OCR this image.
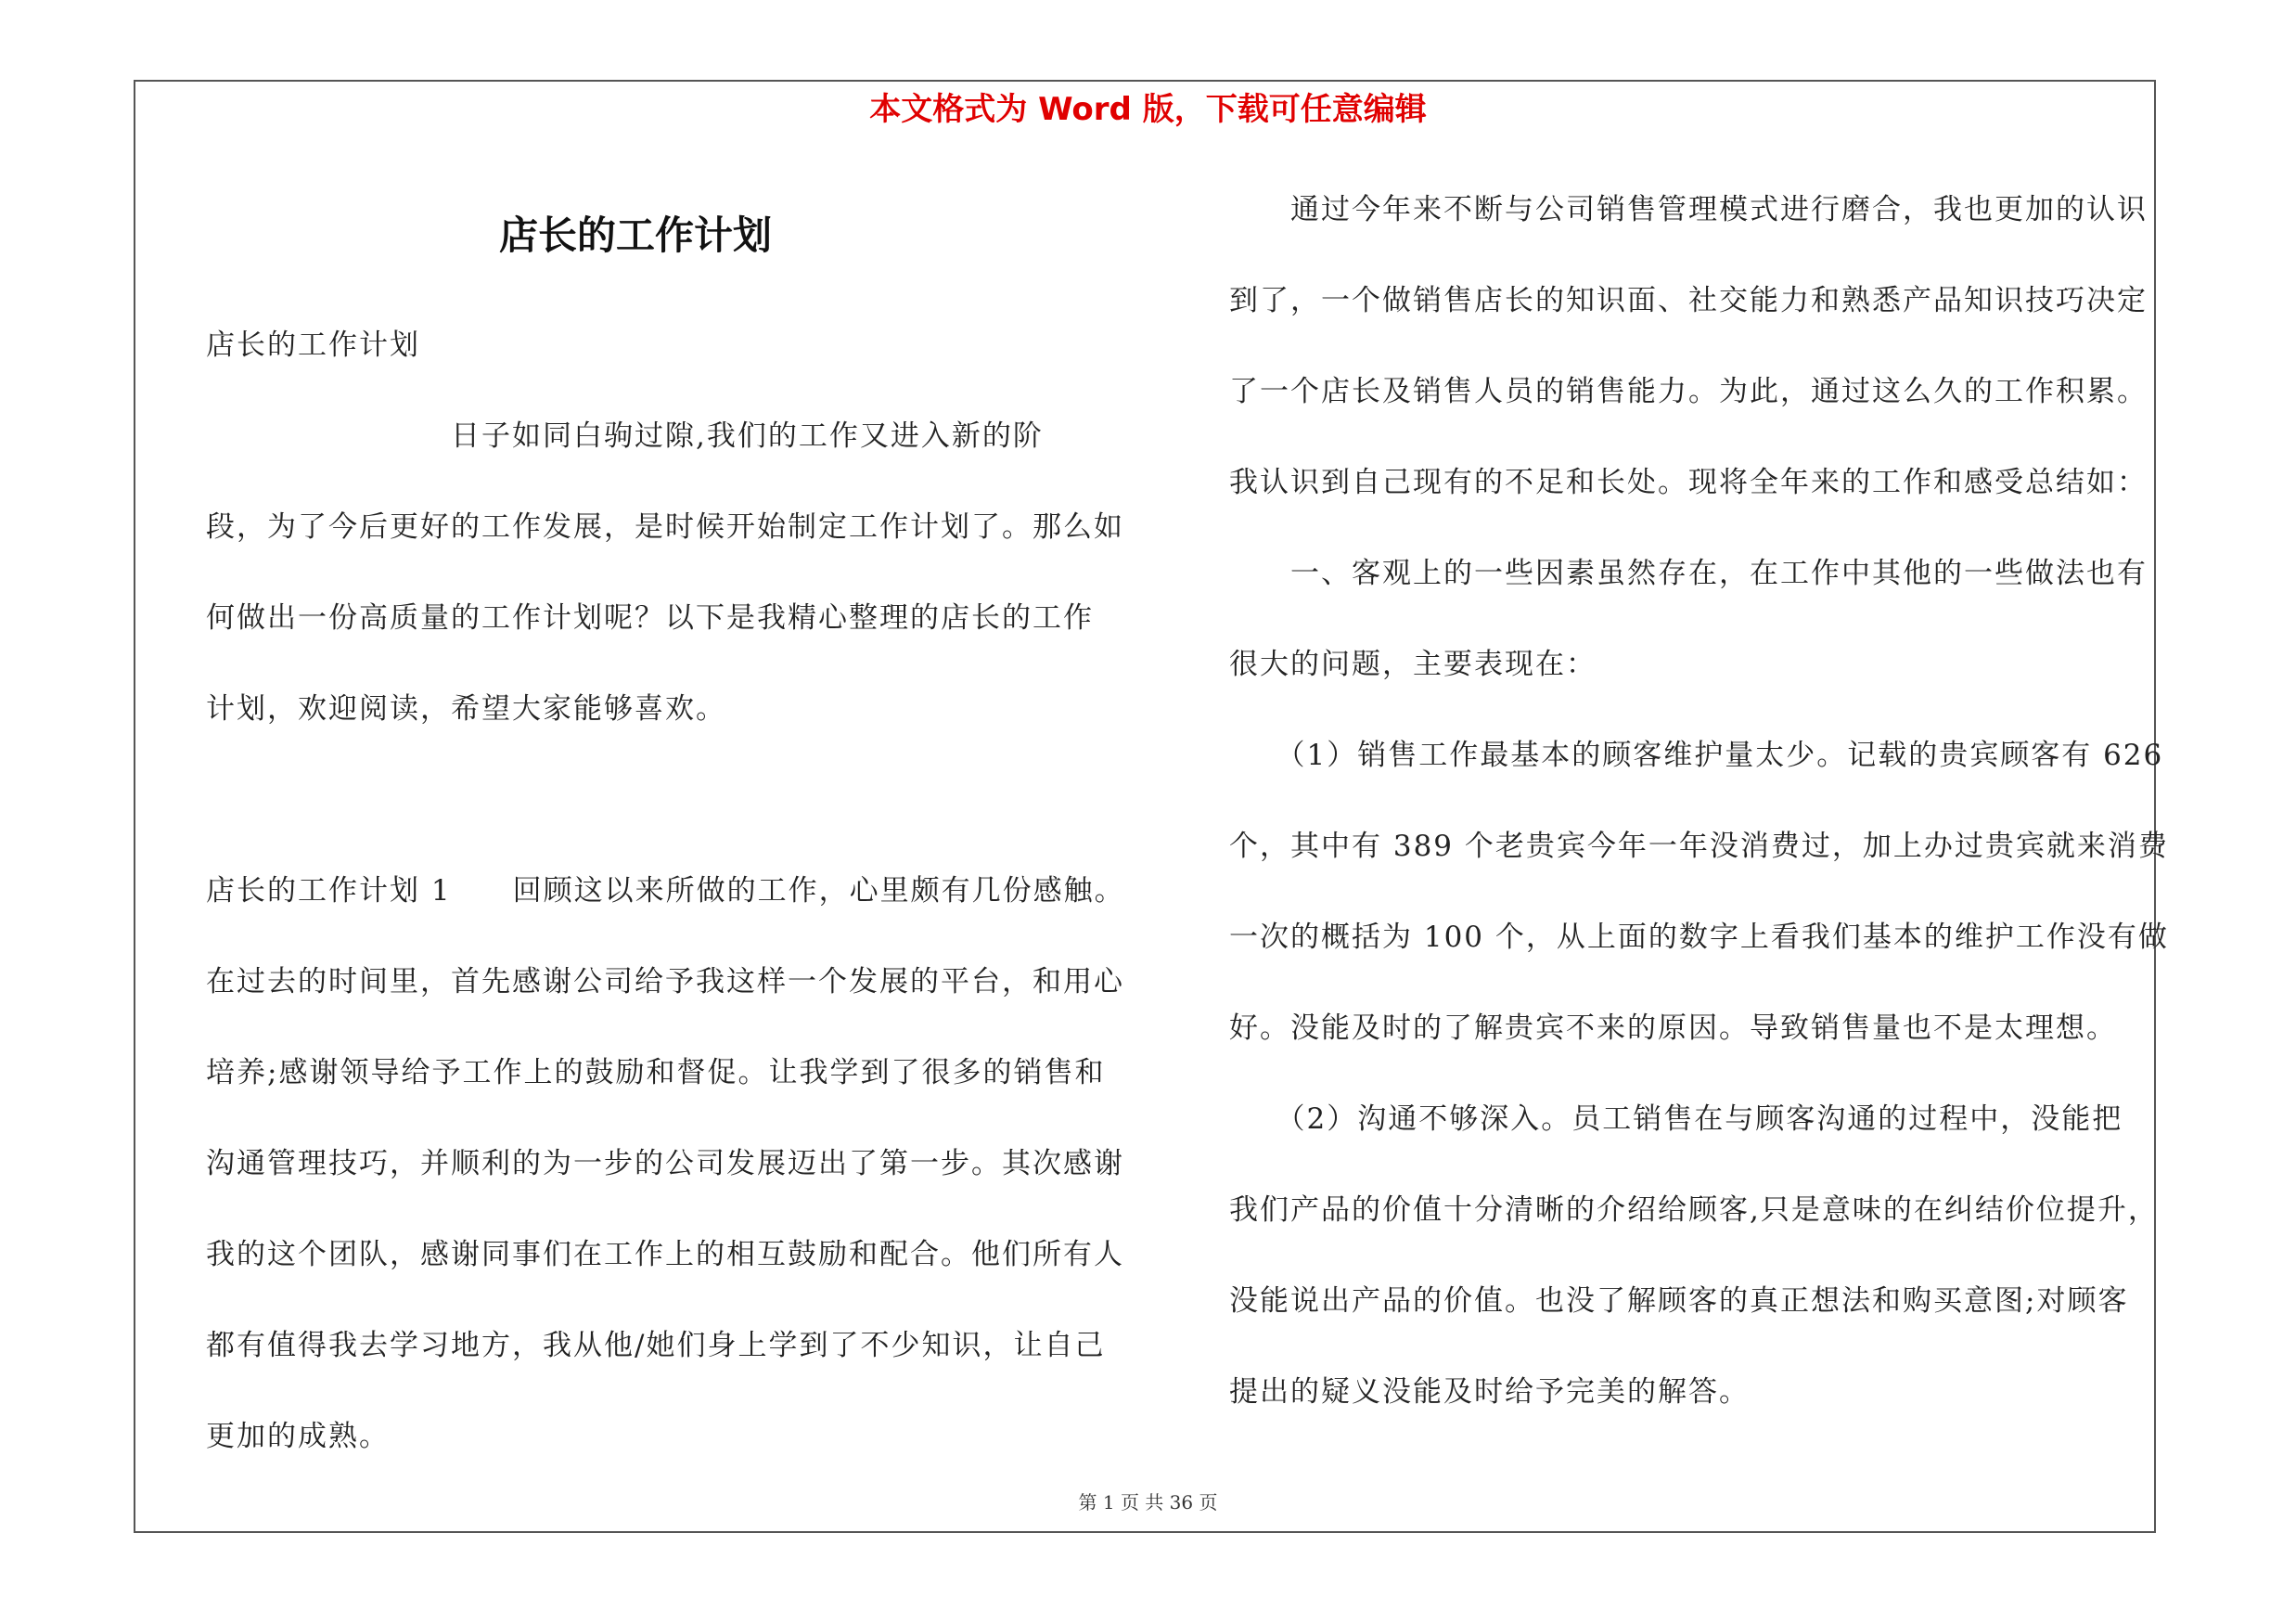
本文格式为 Word 版，下载可任意编辑
店长的工作计划
店长的工作计划
　　　　　　　　日子如同白驹过隙,我们的工作又进入新的阶
段，为了今后更好的工作发展，是时候开始制定工作计划了。那么如
何做出一份高质量的工作计划呢？以下是我精心整理的店长的工作
计划，欢迎阅读，希望大家能够喜欢。
店长的工作计划 1　　回顾这以来所做的工作，心里颇有几份感触。
在过去的时间里，首先感谢公司给予我这样一个发展的平台，和用心
培养;感谢领导给予工作上的鼓励和督促。让我学到了很多的销售和
沟通管理技巧，并顺利的为一步的公司发展迈出了第一步。其次感谢
我的这个团队，感谢同事们在工作上的相互鼓励和配合。他们所有人
都有值得我去学习地方，我从他/她们身上学到了不少知识，让自己
更加的成熟。
　　通过今年来不断与公司销售管理模式进行磨合，我也更加的认识
到了，一个做销售店长的知识面、社交能力和熟悉产品知识技巧决定
了一个店长及销售人员的销售能力。为此，通过这么久的工作积累。
我认识到自己现有的不足和长处。现将全年来的工作和感受总结如：
　　一、客观上的一些因素虽然存在，在工作中其他的一些做法也有
很大的问题，主要表现在：
　　（1）销售工作最基本的顾客维护量太少。记载的贵宾顾客有 626
个，其中有 389 个老贵宾今年一年没消费过，加上办过贵宾就来消费
一次的概括为 100 个，从上面的数字上看我们基本的维护工作没有做
好。没能及时的了解贵宾不来的原因。导致销售量也不是太理想。
　　（2）沟通不够深入。员工销售在与顾客沟通的过程中，没能把
我们产品的价值十分清晰的介绍给顾客,只是意味的在纠结价位提升，
没能说出产品的价值。也没了解顾客的真正想法和购买意图;对顾客
提出的疑义没能及时给予完美的解答。
第 1 页 共 36 页
